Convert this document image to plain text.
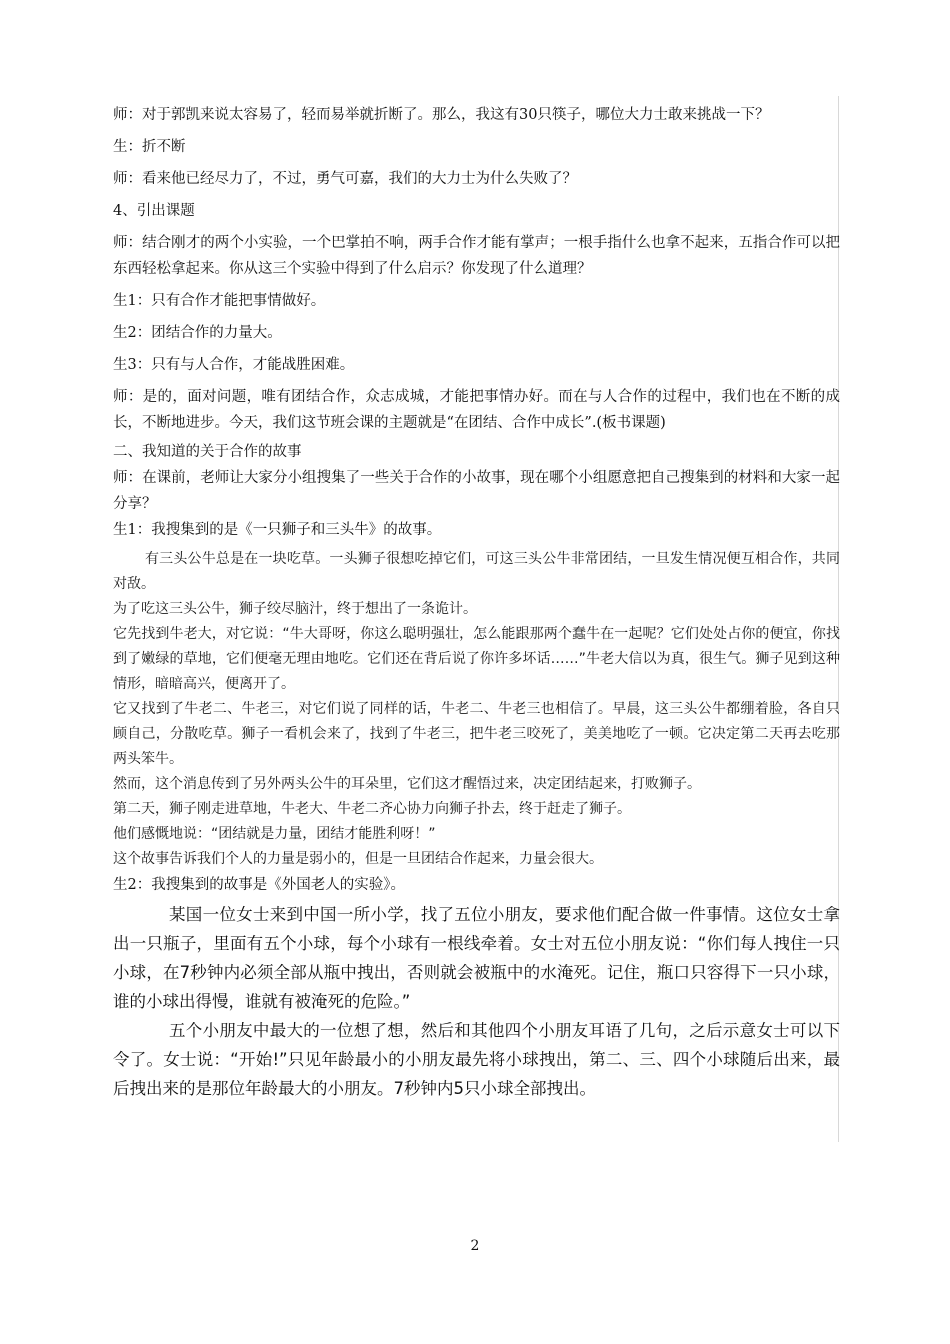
师：对于郭凯来说太容易了，轻而易举就折断了。那么，我这有30只筷子，哪位大力士敢来挑战一下？

生：折不断

师：看来他已经尽力了，不过，勇气可嘉，我们的大力士为什么失败了？

4、引出课题

师：结合刚才的两个小实验，一个巴掌拍不响，两手合作才能有掌声；一根手指什么也拿不起来，五指合作可以把东西轻松拿起来。你从这三个实验中得到了什么启示？你发现了什么道理？

生1：只有合作才能把事情做好。

生2：团结合作的力量大。

生3：只有与人合作，才能战胜困难。

师：是的，面对问题，唯有团结合作，众志成城，才能把事情办好。而在与人合作的过程中，我们也在不断的成长，不断地进步。今天，我们这节班会课的主题就是“在团结、合作中成长”.(板书课题)

二、我知道的关于合作的故事

师：在课前，老师让大家分小组搜集了一些关于合作的小故事，现在哪个小组愿意把自己搜集到的材料和大家一起分享？

生1：我搜集到的是《一只狮子和三头牛》的故事。

有三头公牛总是在一块吃草。一头狮子很想吃掉它们，可这三头公牛非常团结，一旦发生情况便互相合作，共同对敌。

为了吃这三头公牛，狮子绞尽脑汁，终于想出了一条诡计。

它先找到牛老大，对它说：“牛大哥呀，你这么聪明强壮，怎么能跟那两个蠢牛在一起呢？它们处处占你的便宜，你找到了嫩绿的草地，它们便毫无理由地吃。它们还在背后说了你许多坏话……”牛老大信以为真，很生气。狮子见到这种情形，暗暗高兴，便离开了。

它又找到了牛老二、牛老三，对它们说了同样的话，牛老二、牛老三也相信了。早晨，这三头公牛都绷着脸，各自只顾自己，分散吃草。狮子一看机会来了，找到了牛老三，把牛老三咬死了，美美地吃了一顿。它决定第二天再去吃那两头笨牛。

然而，这个消息传到了另外两头公牛的耳朵里，它们这才醒悟过来，决定团结起来，打败狮子。

第二天，狮子刚走进草地，牛老大、牛老二齐心协力向狮子扑去，终于赶走了狮子。

他们感慨地说：“团结就是力量，团结才能胜利呀！”

这个故事告诉我们个人的力量是弱小的，但是一旦团结合作起来，力量会很大。

生2：我搜集到的故事是《外国老人的实验》。

某国一位女士来到中国一所小学，找了五位小朋友，要求他们配合做一件事情。这位女士拿出一只瓶子，里面有五个小球，每个小球有一根线牵着。女士对五位小朋友说：“你们每人拽住一只小球，在7秒钟内必须全部从瓶中拽出，否则就会被瓶中的水淹死。记住，瓶口只容得下一只小球，谁的小球出得慢，谁就有被淹死的危险。”

五个小朋友中最大的一位想了想，然后和其他四个小朋友耳语了几句，之后示意女士可以下令了。女士说：“开始!”只见年龄最小的小朋友最先将小球拽出，第二、三、四个小球随后出来，最后拽出来的是那位年龄最大的小朋友。7秒钟内5只小球全部拽出。

2
